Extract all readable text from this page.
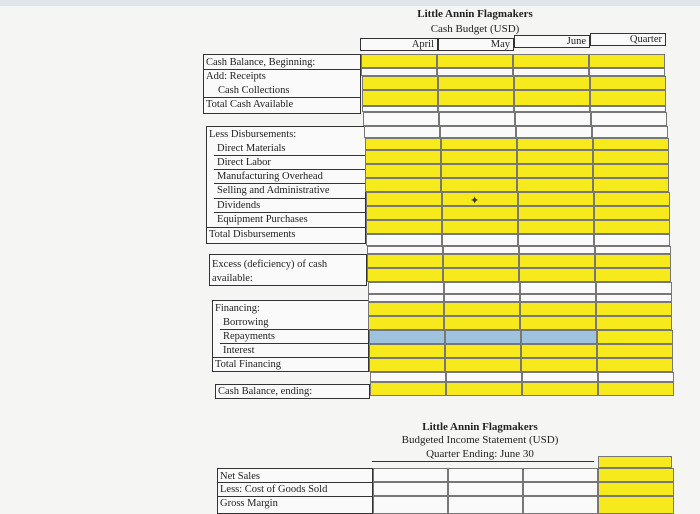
Little Annin Flagmakers
Cash Budget (USD)
April	May	June	Quarter
Cash Balance, Beginning:
Add: Receipts
Cash Collections
Total Cash Available
Less Disbursements:
Direct Materials
Direct Labor
Manufacturing Overhead
Selling and Administrative
Dividends
Equipment Purchases
Total Disbursements
Excess (deficiency) of cash
available:
Financing:
Borrowing
Repayments
Interest
Total Financing
Cash Balance, ending:
✦
Little Annin Flagmakers
Budgeted Income Statement (USD)
Quarter Ending: June 30
Net Sales
Less: Cost of Goods Sold
Gross Margin
